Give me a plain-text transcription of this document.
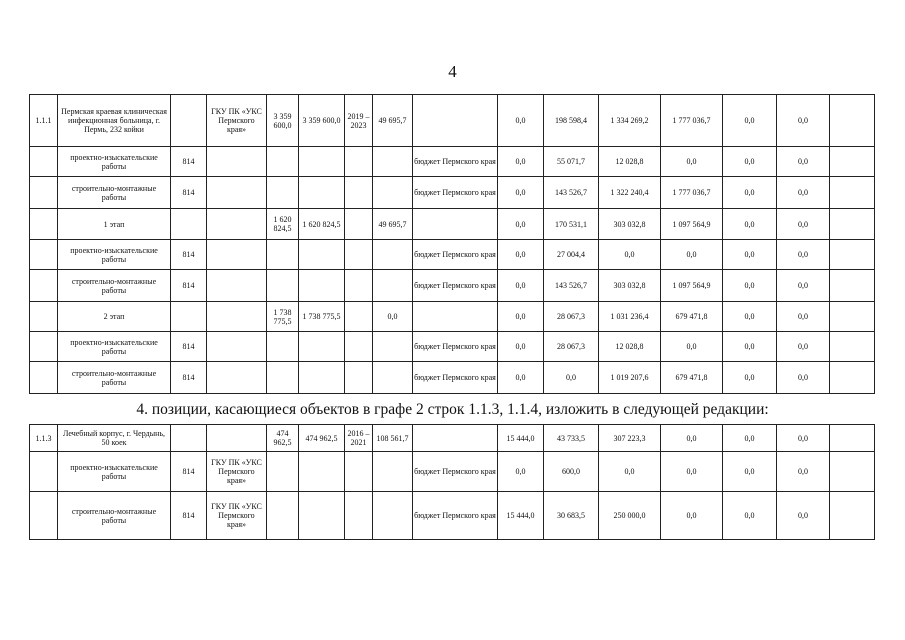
4
1.1.1	Пермская краевая клиническая инфекционная больница, г. Пермь, 232 койки		ГКУ ПК «УКС Пермского края»	3 359 600,0	3 359 600,0	2019 – 2023	49 695,7		0,0	198 598,4	1 334 269,2	1 777 036,7	0,0	0,0	
	проектно-изыскательские работы	814						бюджет Пермского края	0,0	55 071,7	12 028,8	0,0	0,0	0,0	
	строительно-монтажные работы	814						бюджет Пермского края	0,0	143 526,7	1 322 240,4	1 777 036,7	0,0	0,0	
	1 этап			1 620 824,5	1 620 824,5		49 695,7		0,0	170 531,1	303 032,8	1 097 564,9	0,0	0,0	
	проектно-изыскательские работы	814						бюджет Пермского края	0,0	27 004,4	0,0	0,0	0,0	0,0	
	строительно-монтажные работы	814						бюджет Пермского края	0,0	143 526,7	303 032,8	1 097 564,9	0,0	0,0	
	2 этап			1 738 775,5	1 738 775,5		0,0		0,0	28 067,3	1 031 236,4	679 471,8	0,0	0,0	
	проектно-изыскательские работы	814						бюджет Пермского края	0,0	28 067,3	12 028,8	0,0	0,0	0,0	
	строительно-монтажные работы	814						бюджет Пермского края	0,0	0,0	1 019 207,6	679 471,8	0,0	0,0	
4. позиции, касающиеся объектов в графе 2 строк 1.1.3, 1.1.4, изложить в следующей редакции:
1.1.3	Лечебный корпус, г. Чердынь, 50 коек			474 962,5	474 962,5	2016 – 2021	108 561,7		15 444,0	43 733,5	307 223,3	0,0	0,0	0,0	
	проектно-изыскательские работы	814	ГКУ ПК «УКС Пермского края»					бюджет Пермского края	0,0	600,0	0,0	0,0	0,0	0,0	
	строительно-монтажные работы	814	ГКУ ПК «УКС Пермского края»					бюджет Пермского края	15 444,0	30 683,5	250 000,0	0,0	0,0	0,0	
